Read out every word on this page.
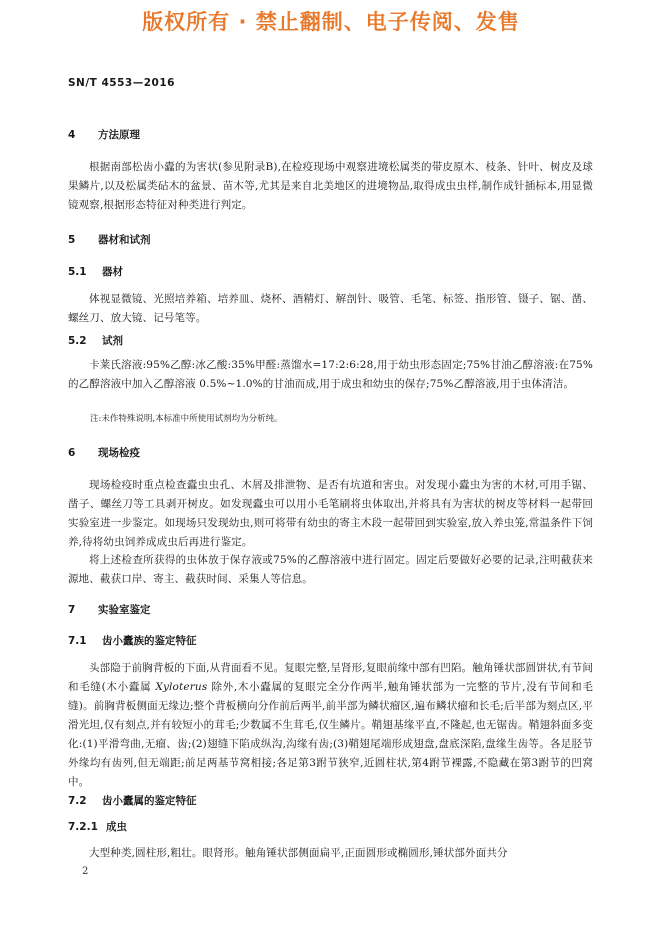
版权所有 · 禁止翻制、电子传阅、发售
SN/T 4553—2016
4 方法原理
根据南部松齿小蠹的为害状(参见附录B),在检疫现场中观察进境松属类的带皮原木、枝条、针叶、树皮及球果鳞片,以及松属类砧木的盆景、苗木等,尤其是来自北美地区的进境物品,取得成虫虫样,制作成针插标本,用显微镜观察,根据形态特征对种类进行判定。
5 器材和试剂
5.1 器材
体视显微镜、光照培养箱、培养皿、烧杯、酒精灯、解剖针、吸管、毛笔、标签、指形管、镊子、锯、凿、螺丝刀、放大镜、记号笔等。
5.2 试剂
卡莱氏溶液:95%乙醇:冰乙酸:35%甲醛:蒸馏水=17:2:6:28,用于幼虫形态固定;75%甘油乙醇溶液:在75%的乙醇溶液中加入乙醇溶液 0.5%~1.0%的甘油而成,用于成虫和幼虫的保存;75%乙醇溶液,用于虫体清洁。
注:未作特殊说明,本标准中所使用试剂均为分析纯。
6 现场检疫
现场检疫时重点检查蠹虫虫孔、木屑及排泄物、是否有坑道和害虫。对发现小蠹虫为害的木材,可用手锯、凿子、螺丝刀等工具剥开树皮。如发现蠹虫可以用小毛笔刷将虫体取出,并将具有为害状的树皮等材料一起带回实验室进一步鉴定。如现场只发现幼虫,则可将带有幼虫的寄主木段一起带回到实验室,放入养虫笼,常温条件下饲养,待将幼虫饲养成成虫后再进行鉴定。
将上述检查所获得的虫体放于保存液或75%的乙醇溶液中进行固定。固定后要做好必要的记录,注明截获来源地、截获口岸、寄主、截获时间、采集人等信息。
7 实验室鉴定
7.1 齿小蠹族的鉴定特征
头部隐于前胸背板的下面,从背面看不见。复眼完整,呈肾形,复眼前缘中部有凹陷。触角锤状部圆饼状,有节间和毛缝(木小蠹属 Xyloterus 除外,木小蠹属的复眼完全分作两半,触角锤状部为一完整的节片,没有节间和毛缝)。前胸背板侧面无缘边;整个背板横向分作前后两半,前半部为鳞状瘤区,遍布鳞状瘤和长毛;后半部为刻点区,平滑光坦,仅有刻点,并有较短小的茸毛;少数属不生茸毛,仅生鳞片。鞘翅基缘平直,不隆起,也无锯齿。鞘翅斜面多变化:(1)平滑弯曲,无瘤、齿;(2)翅缝下陷成纵沟,沟缘有齿;(3)鞘翅尾端形成翅盘,盘底深陷,盘缘生齿等。各足胫节外缘均有齿列,但无端距;前足两基节窝相接;各足第3跗节狭窄,近圆柱状,第4跗节裸露,不隐藏在第3跗节的凹窝中。
7.2 齿小蠹属的鉴定特征
7.2.1 成虫
大型种类,圆柱形,粗壮。眼肾形。触角锤状部侧面扁平,正面圆形或椭圆形,锤状部外面共分
2
